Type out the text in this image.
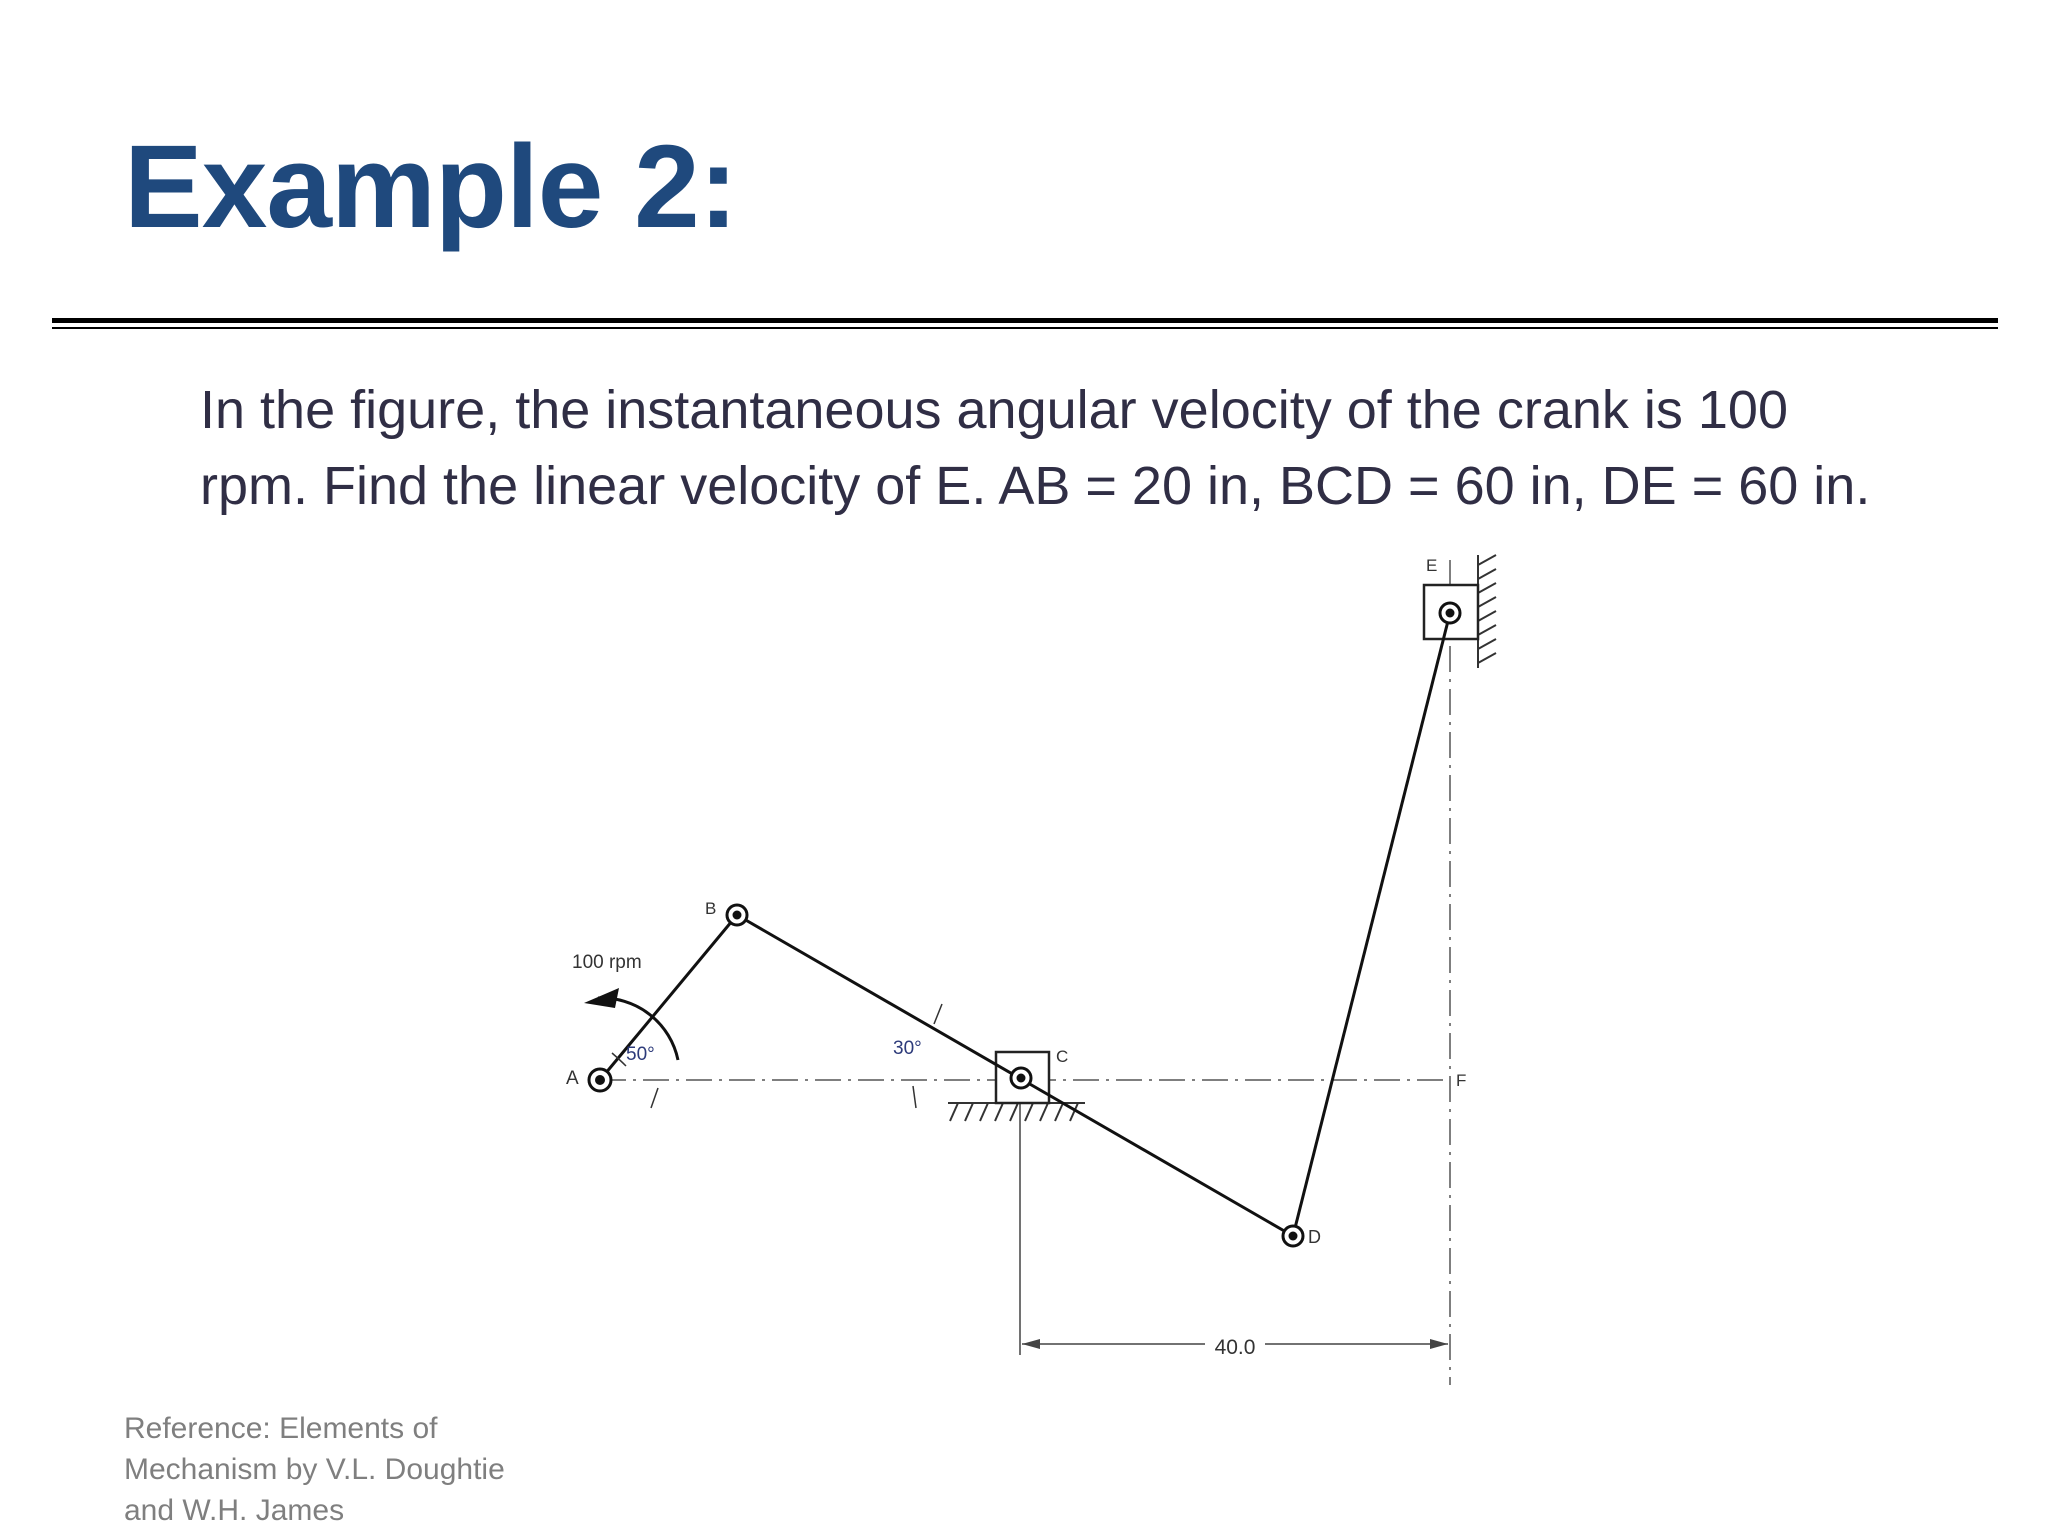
Example 2:
In the figure, the instantaneous angular velocity of the crank is 100
rpm. Find the linear velocity of E. AB = 20 in, BCD = 60 in, DE = 60 in.
40.0
A
B
C
D
E
F
100 rpm
50°	30°
Reference: Elements of
Mechanism by V.L. Doughtie
and W.H. James
